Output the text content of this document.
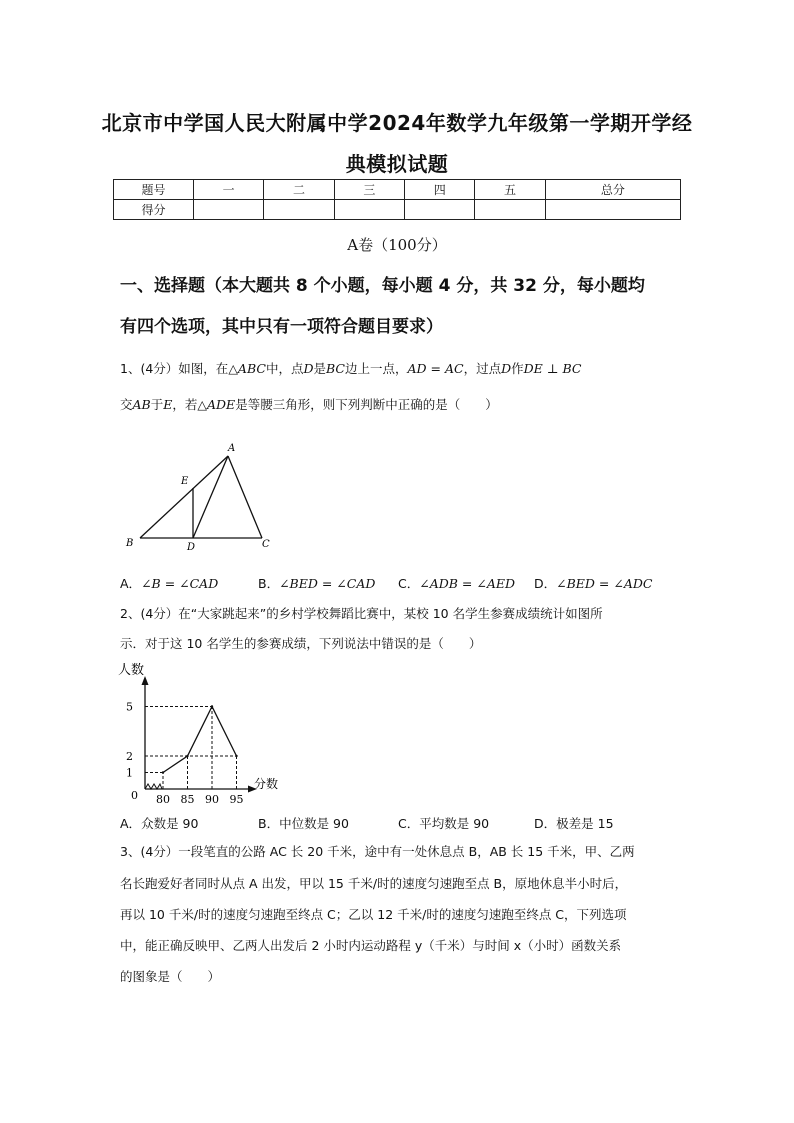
北京市中学国人民大附属中学2024年数学九年级第一学期开学经
典模拟试题
题号	一	二	三	四	五	总分
得分						
A卷（100分）
一、选择题（本大题共 8 个小题，每小题 4 分，共 32 分，每小题均
有四个选项，其中只有一项符合题目要求）
1、(4分）如图，在△ABC中，点D是BC边上一点，AD = AC，过点D作DE ⊥ BC
交AB于E，若△ADE是等腰三角形，则下列判断中正确的是（　　）
A
B	C
D
E
A．∠B = ∠CAD	B．∠BED = ∠CAD C．∠ADB = ∠AED D．∠BED = ∠ADC
2、(4分）在“大家跳起来”的乡村学校舞蹈比赛中，某校 10 名学生参赛成绩统计如图所
示．对于这 10 名学生的参赛成绩，下列说法中错误的是（　　）
80 85 90 95
1
2
5
人数
分数
0
A．众数是 90	B．中位数是 90	C．平均数是 90	D．极差是 15
3、(4分）一段笔直的公路 AC 长 20 千米，途中有一处休息点 B，AB 长 15 千米，甲、乙两
名长跑爱好者同时从点 A 出发，甲以 15 千米/时的速度匀速跑至点 B，原地休息半小时后，
再以 10 千米/时的速度匀速跑至终点 C；乙以 12 千米/时的速度匀速跑至终点 C，下列选项
中，能正确反映甲、乙两人出发后 2 小时内运动路程 y（千米）与时间 x（小时）函数关系
的图象是（　　）
